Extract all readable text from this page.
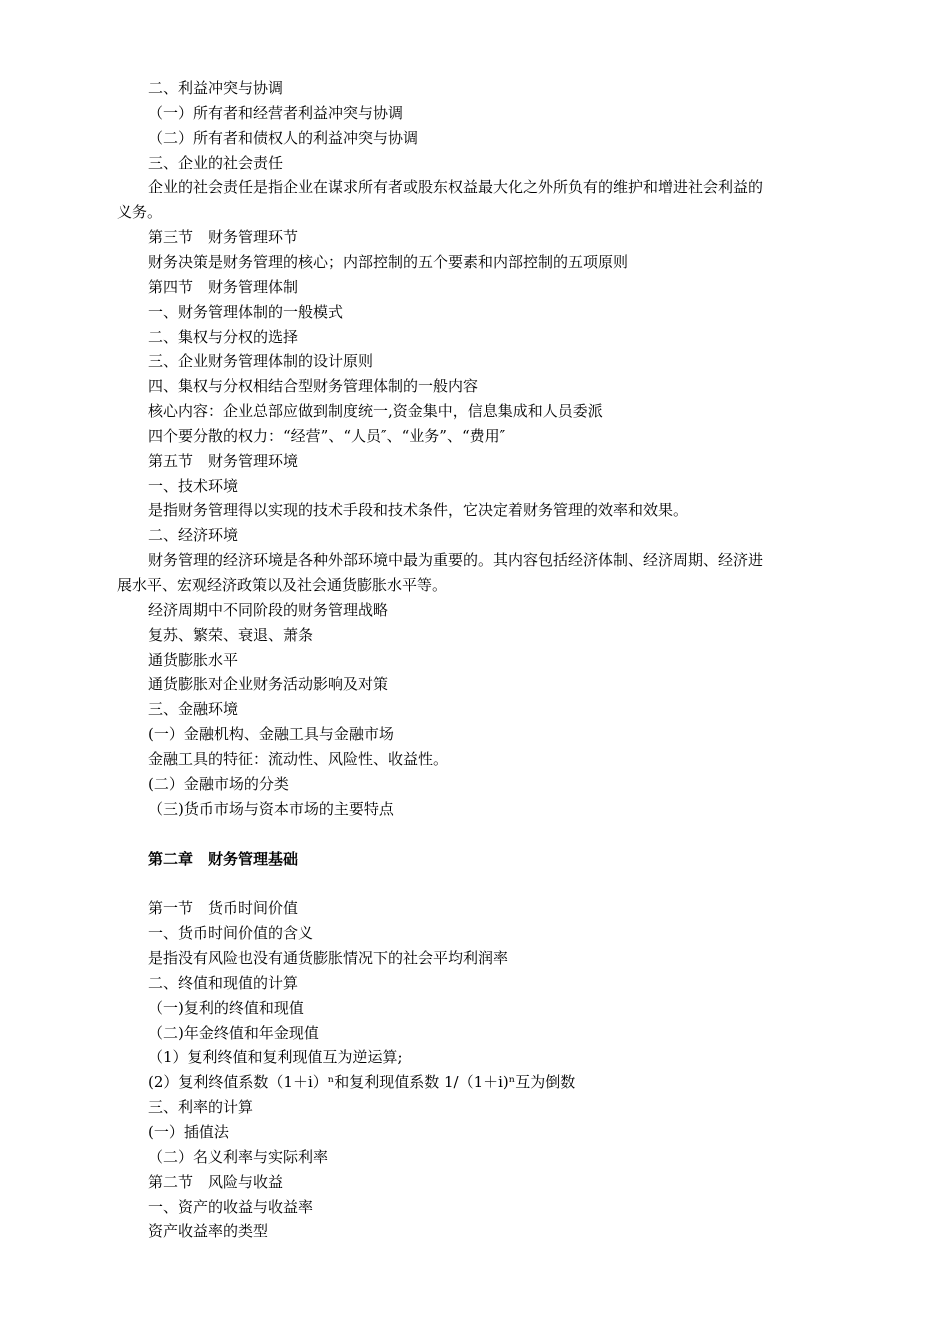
二、利益冲突与协调
（一）所有者和经营者利益冲突与协调
（二）所有者和债权人的利益冲突与协调
三、企业的社会责任
企业的社会责任是指企业在谋求所有者或股东权益最大化之外所负有的维护和增进社会利益的
义务。
第三节　财务管理环节
财务决策是财务管理的核心；内部控制的五个要素和内部控制的五项原则
第四节　财务管理体制
一、财务管理体制的一般模式
二、集权与分权的选择
三、企业财务管理体制的设计原则
四、集权与分权相结合型财务管理体制的一般内容
核心内容：企业总部应做到制度统一,资金集中，信息集成和人员委派
四个要分散的权力：“经营”、“人员″、“业务”、“费用″
第五节　财务管理环境
一、技术环境
是指财务管理得以实现的技术手段和技术条件，它决定着财务管理的效率和效果。
二、经济环境
财务管理的经济环境是各种外部环境中最为重要的。其内容包括经济体制、经济周期、经济进
展水平、宏观经济政策以及社会通货膨胀水平等。
经济周期中不同阶段的财务管理战略
复苏、繁荣、衰退、萧条
通货膨胀水平
通货膨胀对企业财务活动影响及对策
三、金融环境
(一）金融机构、金融工具与金融市场
金融工具的特征：流动性、风险性、收益性。
(二）金融市场的分类
（三)货币市场与资本市场的主要特点
第二章　财务管理基础
第一节　货币时间价值
一、货币时间价值的含义
是指没有风险也没有通货膨胀情况下的社会平均利润率
二、终值和现值的计算
（一)复利的终值和现值
（二)年金终值和年金现值
（1）复利终值和复利现值互为逆运算;
(2）复利终值系数（1＋i）ⁿ和复利现值系数 1/（1＋i)ⁿ互为倒数
三、利率的计算
(一）插值法
（二）名义利率与实际利率
第二节　风险与收益
一、资产的收益与收益率
资产收益率的类型
